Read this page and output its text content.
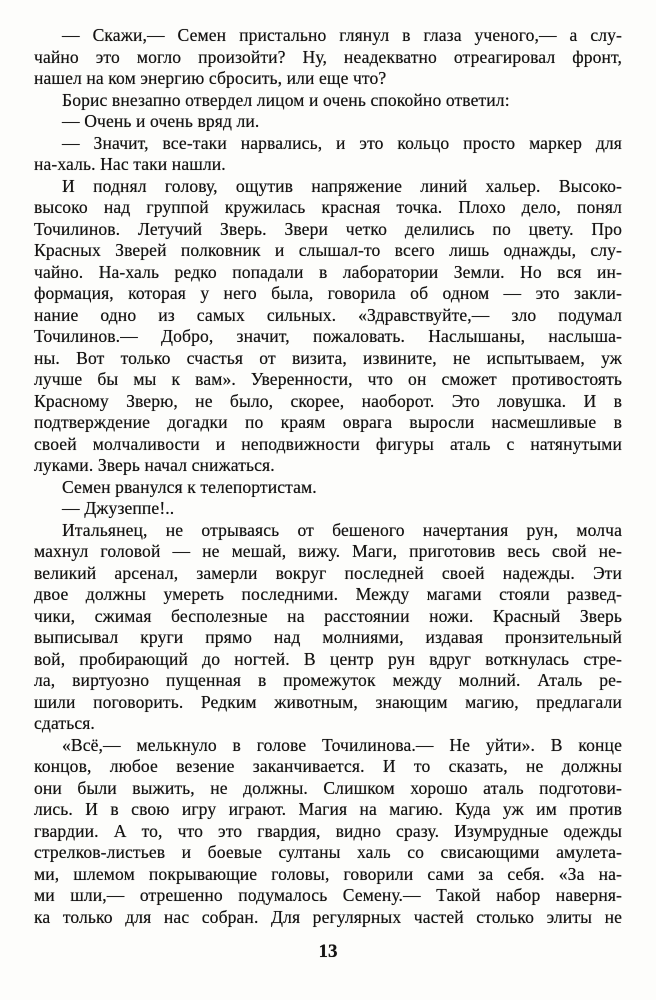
— Скажи,— Семен пристально глянул в глаза ученого,— а слу-
чайно это могло произойти? Ну, неадекватно отреагировал фронт,
нашел на ком энергию сбросить, или еще что?
Борис внезапно отвердел лицом и очень спокойно ответил:
— Очень и очень вряд ли.
— Значит, все-таки нарвались, и это кольцо просто маркер для
на-халь. Нас таки нашли.
И поднял голову, ощутив напряжение линий хальер. Высоко-
высоко над группой кружилась красная точка. Плохо дело, понял
Точилинов. Летучий Зверь. Звери четко делились по цвету. Про
Красных Зверей полковник и слышал-то всего лишь однажды, слу-
чайно. На-халь редко попадали в лаборатории Земли. Но вся ин-
формация, которая у него была, говорила об одном — это закли-
нание одно из самых сильных. «Здравствуйте,— зло подумал
Точилинов.— Добро, значит, пожаловать. Наслышаны, наслыша-
ны. Вот только счастья от визита, извините, не испытываем, уж
лучше бы мы к вам». Уверенности, что он сможет противостоять
Красному Зверю, не было, скорее, наоборот. Это ловушка. И в
подтверждение догадки по краям оврага выросли насмешливые в
своей молчаливости и неподвижности фигуры аталь с натянутыми
луками. Зверь начал снижаться.
Семен рванулся к телепортистам.
— Джузеппе!..
Итальянец, не отрываясь от бешеного начертания рун, молча
махнул головой — не мешай, вижу. Маги, приготовив весь свой не-
великий арсенал, замерли вокруг последней своей надежды. Эти
двое должны умереть последними. Между магами стояли развед-
чики, сжимая бесполезные на расстоянии ножи. Красный Зверь
выписывал круги прямо над молниями, издавая пронзительный
вой, пробирающий до ногтей. В центр рун вдруг воткнулась стре-
ла, виртуозно пущенная в промежуток между молний. Аталь ре-
шили поговорить. Редким животным, знающим магию, предлагали
сдаться.
«Всё,— мелькнуло в голове Точилинова.— Не уйти». В конце
концов, любое везение заканчивается. И то сказать, не должны
они были выжить, не должны. Слишком хорошо аталь подготови-
лись. И в свою игру играют. Магия на магию. Куда уж им против
гвардии. А то, что это гвардия, видно сразу. Изумрудные одежды
стрелков-листьев и боевые султаны халь со свисающими амулета-
ми, шлемом покрывающие головы, говорили сами за себя. «За на-
ми шли,— отрешенно подумалось Семену.— Такой набор наверня-
ка только для нас собран. Для регулярных частей столько элиты не
13
